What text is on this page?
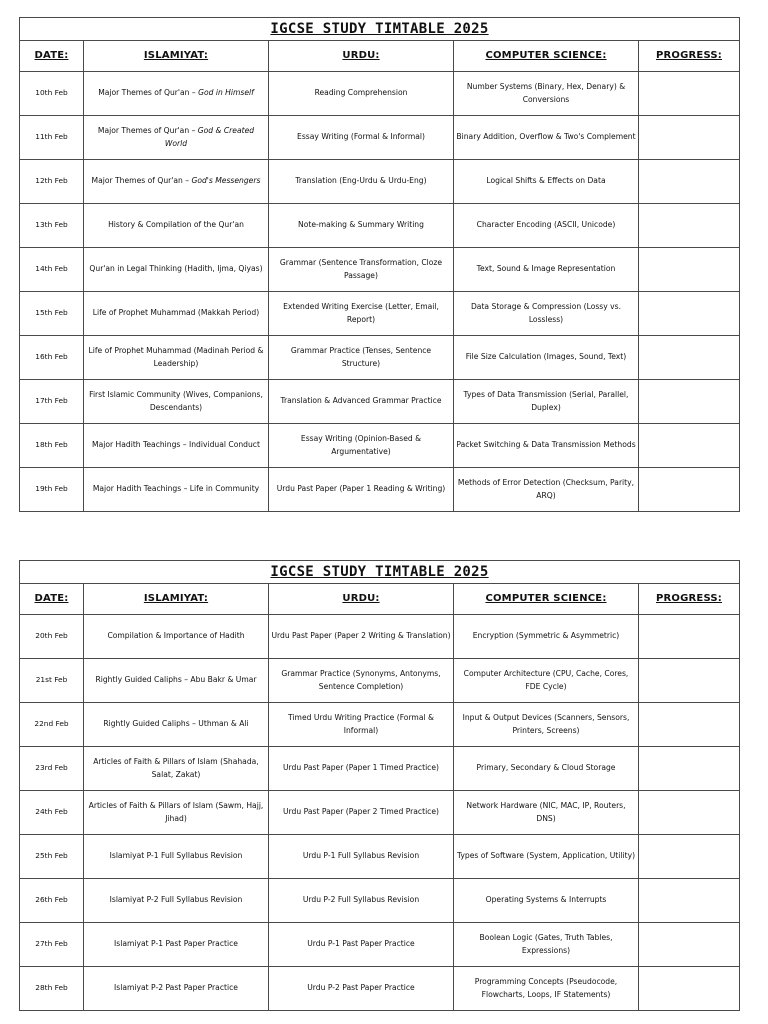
IGCSE STUDY TIMTABLE 2025				
DATE:	ISLAMIYAT:	URDU:	COMPUTER SCIENCE:	PROGRESS:
10th Feb	Major Themes of Qur'an – God in Himself	Reading Comprehension	Number Systems (Binary, Hex, Denary) & Conversions	
11th Feb	Major Themes of Qur'an – God & Created World	Essay Writing (Formal & Informal)	Binary Addition, Overflow & Two's Complement	
12th Feb	Major Themes of Qur'an – God's Messengers	Translation (Eng-Urdu & Urdu-Eng)	Logical Shifts & Effects on Data	
13th Feb	History & Compilation of the Qur'an	Note-making & Summary Writing	Character Encoding (ASCII, Unicode)	
14th Feb	Qur'an in Legal Thinking (Hadith, Ijma, Qiyas)	Grammar (Sentence Transformation, Cloze Passage)	Text, Sound & Image Representation	
15th Feb	Life of Prophet Muhammad (Makkah Period)	Extended Writing Exercise (Letter, Email, Report)	Data Storage & Compression (Lossy vs. Lossless)	
16th Feb	Life of Prophet Muhammad (Madinah Period & Leadership)	Grammar Practice (Tenses, Sentence Structure)	File Size Calculation (Images, Sound, Text)	
17th Feb	First Islamic Community (Wives, Companions, Descendants)	Translation & Advanced Grammar Practice	Types of Data Transmission (Serial, Parallel, Duplex)	
18th Feb	Major Hadith Teachings – Individual Conduct	Essay Writing (Opinion-Based & Argumentative)	Packet Switching & Data Transmission Methods	
19th Feb	Major Hadith Teachings – Life in Community	Urdu Past Paper (Paper 1 Reading & Writing)	Methods of Error Detection (Checksum, Parity, ARQ)	
IGCSE STUDY TIMTABLE 2025				
DATE:	ISLAMIYAT:	URDU:	COMPUTER SCIENCE:	PROGRESS:
20th Feb	Compilation & Importance of Hadith	Urdu Past Paper (Paper 2 Writing & Translation)	Encryption (Symmetric & Asymmetric)	
21st Feb	Rightly Guided Caliphs – Abu Bakr & Umar	Grammar Practice (Synonyms, Antonyms, Sentence Completion)	Computer Architecture (CPU, Cache, Cores, FDE Cycle)	
22nd Feb	Rightly Guided Caliphs – Uthman & Ali	Timed Urdu Writing Practice (Formal & Informal)	Input & Output Devices (Scanners, Sensors, Printers, Screens)	
23rd Feb	Articles of Faith & Pillars of Islam (Shahada, Salat, Zakat)	Urdu Past Paper (Paper 1 Timed Practice)	Primary, Secondary & Cloud Storage	
24th Feb	Articles of Faith & Pillars of Islam (Sawm, Hajj, Jihad)	Urdu Past Paper (Paper 2 Timed Practice)	Network Hardware (NIC, MAC, IP, Routers, DNS)	
25th Feb	Islamiyat P-1 Full Syllabus Revision	Urdu P-1 Full Syllabus Revision	Types of Software (System, Application, Utility)	
26th Feb	Islamiyat P-2 Full Syllabus Revision	Urdu P-2 Full Syllabus Revision	Operating Systems & Interrupts	
27th Feb	Islamiyat P-1 Past Paper Practice	Urdu P-1 Past Paper Practice	Boolean Logic (Gates, Truth Tables, Expressions)	
28th Feb	Islamiyat P-2 Past Paper Practice	Urdu P-2 Past Paper Practice	Programming Concepts (Pseudocode, Flowcharts, Loops, IF Statements)	
